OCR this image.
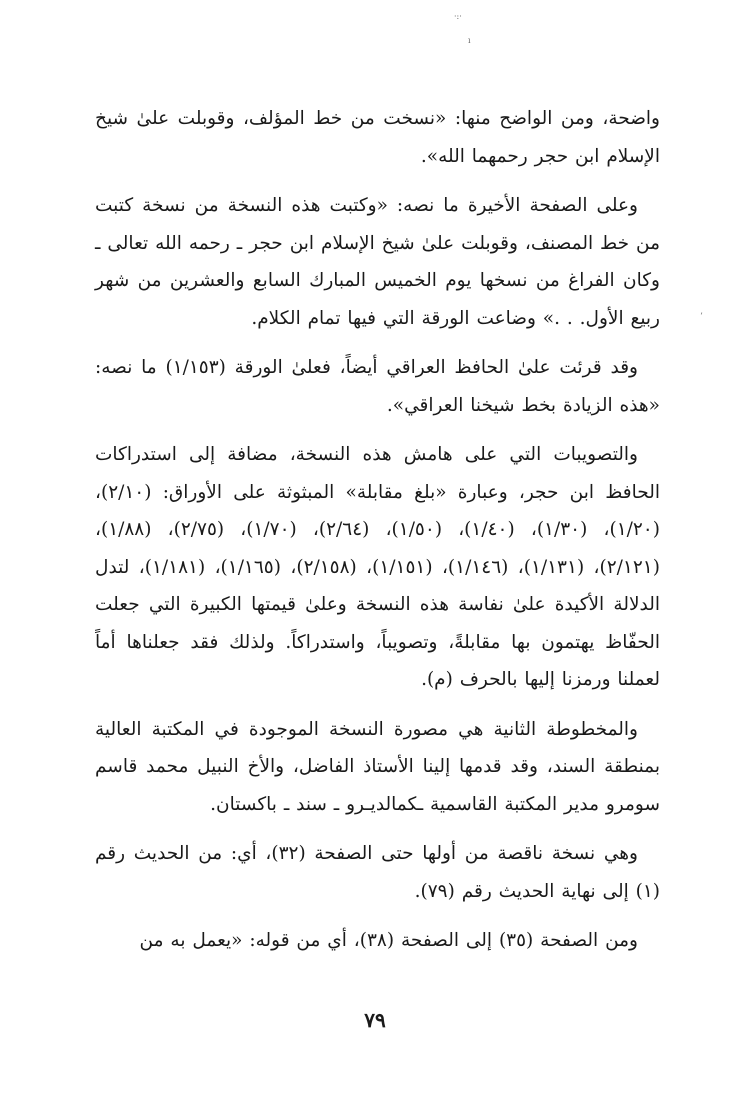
·:·
ı
ʼ

واضحة، ومن الواضح منها: «نسخت من خط المؤلف، وقوبلت علىٰ شيخ الإسلام ابن حجر رحمهما الله».

وعلى الصفحة الأخيرة ما نصه: «وكتبت هذه النسخة من نسخة كتبت من خط المصنف، وقوبلت علىٰ شيخ الإسلام ابن حجر ـ رحمه الله تعالى ـ وكان الفراغ من نسخها يوم الخميس المبارك السابع والعشرين من شهر ربيع الأول. . .» وضاعت الورقة التي فيها تمام الكلام.

وقد قرئت علىٰ الحافظ العراقي أيضاً، فعلىٰ الورقة (١/١٥٣) ما نصه: «هذه الزيادة بخط شيخنا العراقي».

والتصويبات التي على هامش هذه النسخة، مضافة إلى استدراكات الحافظ ابن حجر، وعبارة «بلغ مقابلة» المبثوثة على الأوراق: (٢/١٠)، (١/٢٠)، (١/٣٠)، (١/٤٠)، (١/٥٠)، (٢/٦٤)، (١/٧٠)، (٢/٧٥)، (١/٨٨)، (٢/١٢١)، (١/١٣١)، (١/١٤٦)، (١/١٥١)، (٢/١٥٨)، (١/١٦٥)، (١/١٨١)، لتدل الدلالة الأكيدة علىٰ نفاسة هذه النسخة وعلىٰ قيمتها الكبيرة التي جعلت الحفّاظ يهتمون بها مقابلةً، وتصويباً، واستدراكاً. ولذلك فقد جعلناها أماً لعملنا ورمزنا إليها بالحرف (م).

والمخطوطة الثانية هي مصورة النسخة الموجودة في المكتبة العالية بمنطقة السند، وقد قدمها إلينا الأستاذ الفاضل، والأخ النبيل محمد قاسم سومرو مدير المكتبة القاسمية ـكمالديـرو ـ سند ـ باكستان.

وهي نسخة ناقصة من أولها حتى الصفحة (٣٢)، أي: من الحديث رقم (١) إلى نهاية الحديث رقم (٧٩).

ومن الصفحة (٣٥) إلى الصفحة (٣٨)، أي من قوله: «يعمل به من

٧٩
